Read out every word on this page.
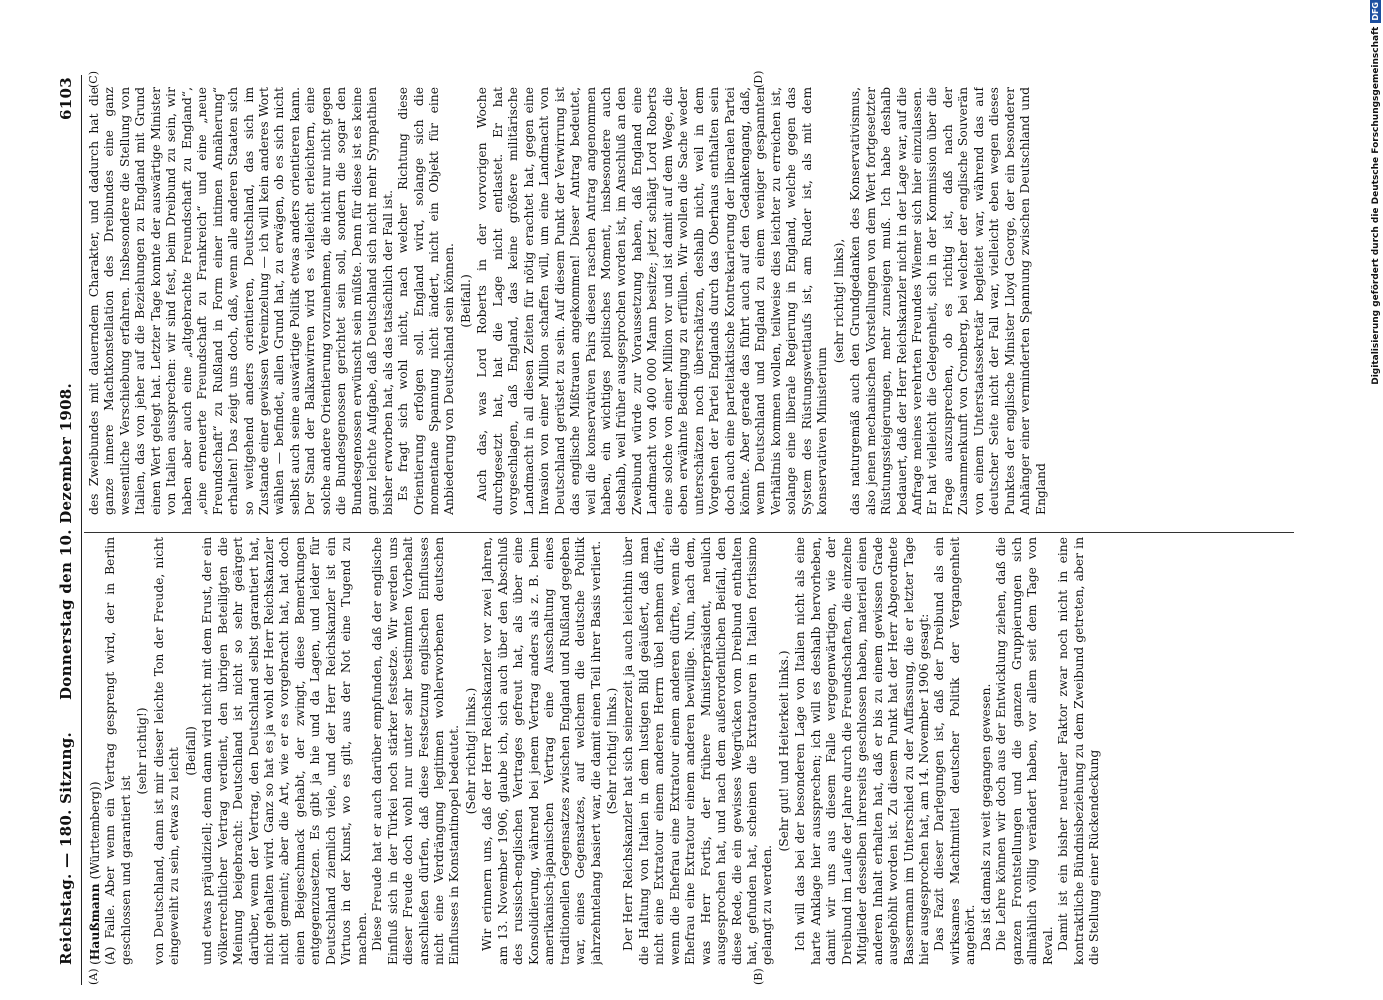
Reichstag. — 180. Sitzung.
Donnerstag den 10. Dezember 1908.
6103
(A)	(B)
(C)	(D)

(Haußmann (Württemberg)) (A) Falle. Aber wenn ein Vertrag gesprengt wird, der in Berlin geschlossen und garantiert ist

(sehr richtig!) von Deutschland, dann ist mir dieser leichte Ton der Freude, nicht eingeweiht zu sein, etwas zu leicht (Beifall) und etwas präjudiziell; denn dann wird nicht mit dem Erust, der ein völkerrechtlicher Vertrag verdient, den übrigen Beteiligten die Meinung beigebracht: Deutschland ist nicht so sehr geärgert darüber, wenn der Vertrag, den Deutschland selbst garantiert hat, nicht gehalten wird. Ganz so hat es ja wohl der Herr Reichskanzler nicht gemeint; aber die Art, wie er es vorgebracht hat, hat doch einen Beigeschmack gehabt, der zwingt, diese Bemerkungen entgegenzusetzen. Es gibt ja hie und da Lagen, und leider für Deutschland ziemlich viele, und der Herr Reichskanzler ist ein Virtuos in der Kunst, wo es gilt, aus der Not eine Tugend zu machen. Diese Freude hat er auch darüber empfunden, daß der englische Einfluß sich in der Türkei noch stärker festsetze. Wir werden uns dieser Freude doch wohl nur unter sehr bestimmten Vorbehalt anschließen dürfen, daß diese Festsetzung englischen Einflusses nicht eine Verdrängung legitimen wohlerworbenen deutschen Einflusses in Konstantinopel bedeutet. (Sehr richtig! links.) Wir erinnern uns, daß der Herr Reichskanzler vor zwei Jahren, am 13. November 1906, glaube ich, sich auch über den Abschluß des russisch-englischen Vertrages gefreut hat, als über eine Konsolidierung, während bei jenem Vertrag anders als z. B. beim amerikanisch-japanischen Vertrag eine Ausschaltung eines traditionellen Gegensatzes zwischen England und Rußland gegeben war, eines Gegensatzes, auf welchem die deutsche Politik jahrzehntelang basiert war, die damit einen Teil ihrer Basis verliert. (Sehr richtig! links.) Der Herr Reichskanzler hat sich seinerzeit ja auch leichthin über die Haltung von Italien in dem lustigen Bild geäußert, daß man nicht eine Extratour einem anderen Herrn übel nehmen dürfe, wenn die Ehefrau eine Extratour einem anderen dürfte, wenn die Ehefrau eine Extratour einem anderen bewillige. Nun, nach dem, was Herr Fortis, der frühere Ministerpräsident, neulich ausgesprochen hat, und nach dem außerordentlichen Beifall, den diese Rede, die ein gewisses Wegrücken vom Dreibund enthalten hat, gefunden hat, scheinen die Extratouren in Italien fortissimo gelangt zu werden.

(Sehr gut! und Heiterkeit links.) Ich will das bei der besonderen Lage von Italien nicht als eine harte Anklage hier aussprechen; ich will es deshalb hervorheben, damit wir uns aus diesem Falle vergegenwärtigen, wie der Dreibund im Laufe der Jahre durch die Freundschaften, die einzelne Mitglieder desselben ihrerseits geschlossen haben, materiell einen anderen Inhalt erhalten hat, daß er bis zu einem gewissen Grade ausgehöhlt worden ist. Zu diesem Punkt hat der Herr Abgeordnete Bassermann im Unterschied zu der Auffassung, die er letzter Tage hier ausgesprochen hat, am 14. November 1906 gesagt: Das Fazit dieser Darlegungen ist, daß der Dreibund als ein wirksames Machtmittel deutscher Politik der Vergangenheit angehört. Das ist damals zu weit gegangen gewesen. Die Lehre können wir doch aus der Entwicklung ziehen, daß die ganzen Frontstellungen und die ganzen Gruppierungen sich allmählich völlig verändert haben, vor allem seit dem Tage von Reval. Damit ist ein bisher neutraler Faktor zwar noch nicht in eine kontraktliche Bündnisbeziehung zu dem Zweibund getreten, aber in die Stellung einer Rückendeckung

des Zweibundes mit dauerndem Charakter, und dadurch hat die ganze innere Machtkonstellation des Dreibundes eine ganz wesentliche Verschiebung erfahren. Insbesondere die Stellung von Italien, das von jeher auf die Beziehungen zu England mit Grund einen Wert gelegt hat. Letzter Tage konnte der auswärtige Minister von Italien aussprechen: wir sind fest, beim Dreibund zu sein, wir haben aber auch eine „altgebrachte Freundschaft zu England“, „eine erneuerte Freundschaft zu Frankreich“ und eine „neue Freundschaft“ zu Rußland in Form einer intimen Annäherung“ erhalten! Das zeigt uns doch, daß, wenn alle anderen Staaten sich so weitgehend anders orientieren, Deutschland, das sich im Zustande einer gewissen Vereinzelung — ich will kein anderes Wort wählen — befindet, allen Grund hat, zu erwägen, ob es sich nicht selbst auch seine auswärtige Politik etwas anders orientieren kann. Der Stand der Balkanwirren wird es vielleicht erleichtern, eine solche andere Orientierung vorzunehmen, die nicht nur nicht gegen die Bundesgenossen gerichtet sein soll, sondern die sogar den Bundesgenossen erwünscht sein müßte. Denn für diese ist es keine ganz leichte Aufgabe, daß Deutschland sich nicht mehr Sympathien bisher erworben hat, als das tatsächlich der Fall ist. Es fragt sich wohl nicht, nach welcher Richtung diese Orientierung erfolgen soll. England wird, solange sich die momentane Spannung nicht ändert, nicht ein Objekt für eine Anbiederung von Deutschland sein können. (Beifall.) Auch das, was Lord Roberts in der vorvorigen Woche durchgesetzt hat, hat die Lage nicht entlastet. Er hat vorgeschlagen, daß England, das keine größere militärische Landmacht in all diesen Zeiten für nötig erachtet hat, gegen eine Invasion von einer Million schaffen will, um eine Landmacht von Deutschland gerüstet zu sein. Auf diesem Punkt der Verwirrung ist das englische Mißtrauen angekommen! Dieser Antrag bedeutet, weil die konservativen Pairs diesen raschen Antrag angenommen haben, ein wichtiges politisches Moment, insbesondere auch deshalb, weil früher ausgesprochen worden ist, im Anschluß an den Zweibund würde zur Voraussetzung haben, daß England eine Landmacht von 400 000 Mann besitze; jetzt schlägt Lord Roberts eine solche von einer Million vor und ist damit auf dem Wege, die eben erwähnte Bedingung zu erfüllen. Wir wollen die Sache weder unterschätzen noch überschätzen, deshalb nicht, weil in dem Vorgehen der Partei Englands durch das Oberhaus enthalten sein doch auch eine parteitaktische Kontrekarierung der liberalen Partei könnte. Aber gerade das führt auch auf den Gedankengang, daß, wenn Deutschland und England zu einem weniger gespannten Verhältnis kommen wollen, teilweise dies leichter zu erreichen ist, solange eine liberale Regierung in England, welche gegen das System des Rüstungswettlaufs ist, am Ruder ist, als mit dem konservativen Ministerium

(sehr richtig! links), das naturgemäß auch den Grundgedanken des Konservativismus, also jenen mechanischen Vorstellungen von dem Wert fortgesetzter Rüstungssteigerungen, mehr zuneigen muß. Ich habe deshalb bedauert, daß der Herr Reichskanzler nicht in der Lage war, auf die Anfrage meines verehrten Freundes Wiemer sich hier einzulassen. Er hat vielleicht die Gelegenheit, sich in der Kommission über die Frage auszusprechen, ob es richtig ist, daß nach der Zusammenkunft von Cronberg, bei welcher der englische Souverän von einem Unterstaatssekretär begleitet war, während das auf deutscher Seite nicht der Fall war, vielleicht eben wegen dieses Punktes der englische Minister Lloyd George, der ein besonderer Anhänger einer verminderten Spannung zwischen Deutschland und England

Digitalisierung gefördert durch die Deutsche Forschungsgemeinschaft
DFG
